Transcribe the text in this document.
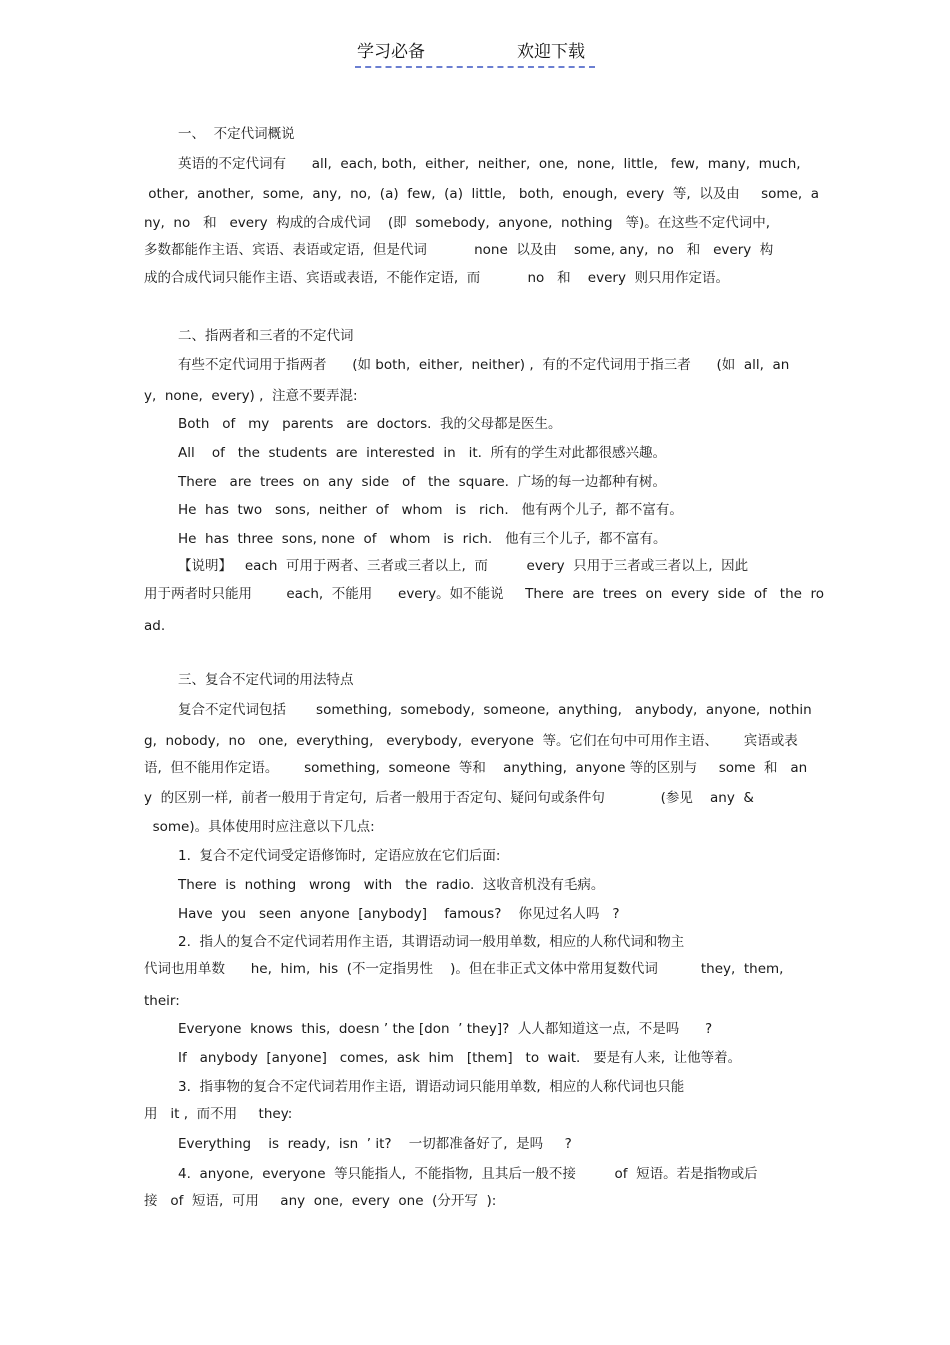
学习必备	欢迎下载
一、  不定代词概说
英语的不定代词有      all,  each, both,  either,  neither,  one,  none,  little,   few,  many,  much,
other,  another,  some,  any,  no,  (a)  few,  (a)  little,   both,  enough,  every  等,  以及由     some,  a
ny,  no   和   every  构成的合成代词    (即  somebody,  anyone,  nothing   等)。在这些不定代词中,
多数都能作主语、宾语、表语或定语,  但是代词           none  以及由    some, any,  no   和   every  构
成的合成代词只能作主语、宾语或表语,  不能作定语,  而           no   和    every  则只用作定语。
二、指两者和三者的不定代词
有些不定代词用于指两者      (如 both,  either,  neither) ,  有的不定代词用于指三者      (如  all,  an
y,  none,  every) ,  注意不要弄混:
Both   of   my   parents   are  doctors.  我的父母都是医生。
All    of   the  students  are  interested  in   it.  所有的学生对此都很感兴趣。
There   are  trees  on  any  side   of   the  square.  广场的每一边都种有树。
He  has  two   sons,  neither  of   whom   is   rich.   他有两个儿子,  都不富有。
He  has  three  sons, none  of   whom   is  rich.   他有三个儿子,  都不富有。
【说明】   each  可用于两者、三者或三者以上,  而         every  只用于三者或三者以上,  因此
用于两者时只能用        each,  不能用      every。如不能说     There  are  trees  on  every  side  of   the  ro
ad.
三、复合不定代词的用法特点
复合不定代词包括       something,  somebody,  someone,  anything,   anybody,  anyone,  nothin
g,  nobody,  no   one,  everything,   everybody,  everyone  等。它们在句中可用作主语、      宾语或表
语,  但不能用作定语。      something,  someone  等和    anything,  anyone 等的区别与     some  和   an
y  的区别一样,  前者一般用于肯定句,  后者一般用于否定句、疑问句或条件句             (参见    any  &
some)。具体使用时应注意以下几点:
1.  复合不定代词受定语修饰时,  定语应放在它们后面:
There  is  nothing   wrong   with   the  radio.  这收音机没有毛病。
Have  you   seen  anyone  [anybody]    famous?    你见过名人吗   ?
2.  指人的复合不定代词若用作主语,  其谓语动词一般用单数,  相应的人称代词和物主
代词也用单数      he,  him,  his  (不一定指男性    )。但在非正式文体中常用复数代词          they,  them,
their:
Everyone  knows  this,  doesn ’ the [don  ’ they]?  人人都知道这一点,  不是吗      ?
If   anybody  [anyone]   comes,  ask  him   [them]   to  wait.   要是有人来,  让他等着。
3.  指事物的复合不定代词若用作主语,  谓语动词只能用单数,  相应的人称代词也只能
用   it ,  而不用     they:
Everything    is  ready,  isn  ’ it?    一切都准备好了,  是吗     ?
4.  anyone,  everyone  等只能指人,  不能指物,  且其后一般不接         of  短语。若是指物或后
接   of  短语,  可用     any  one,  every  one  (分开写  ):
